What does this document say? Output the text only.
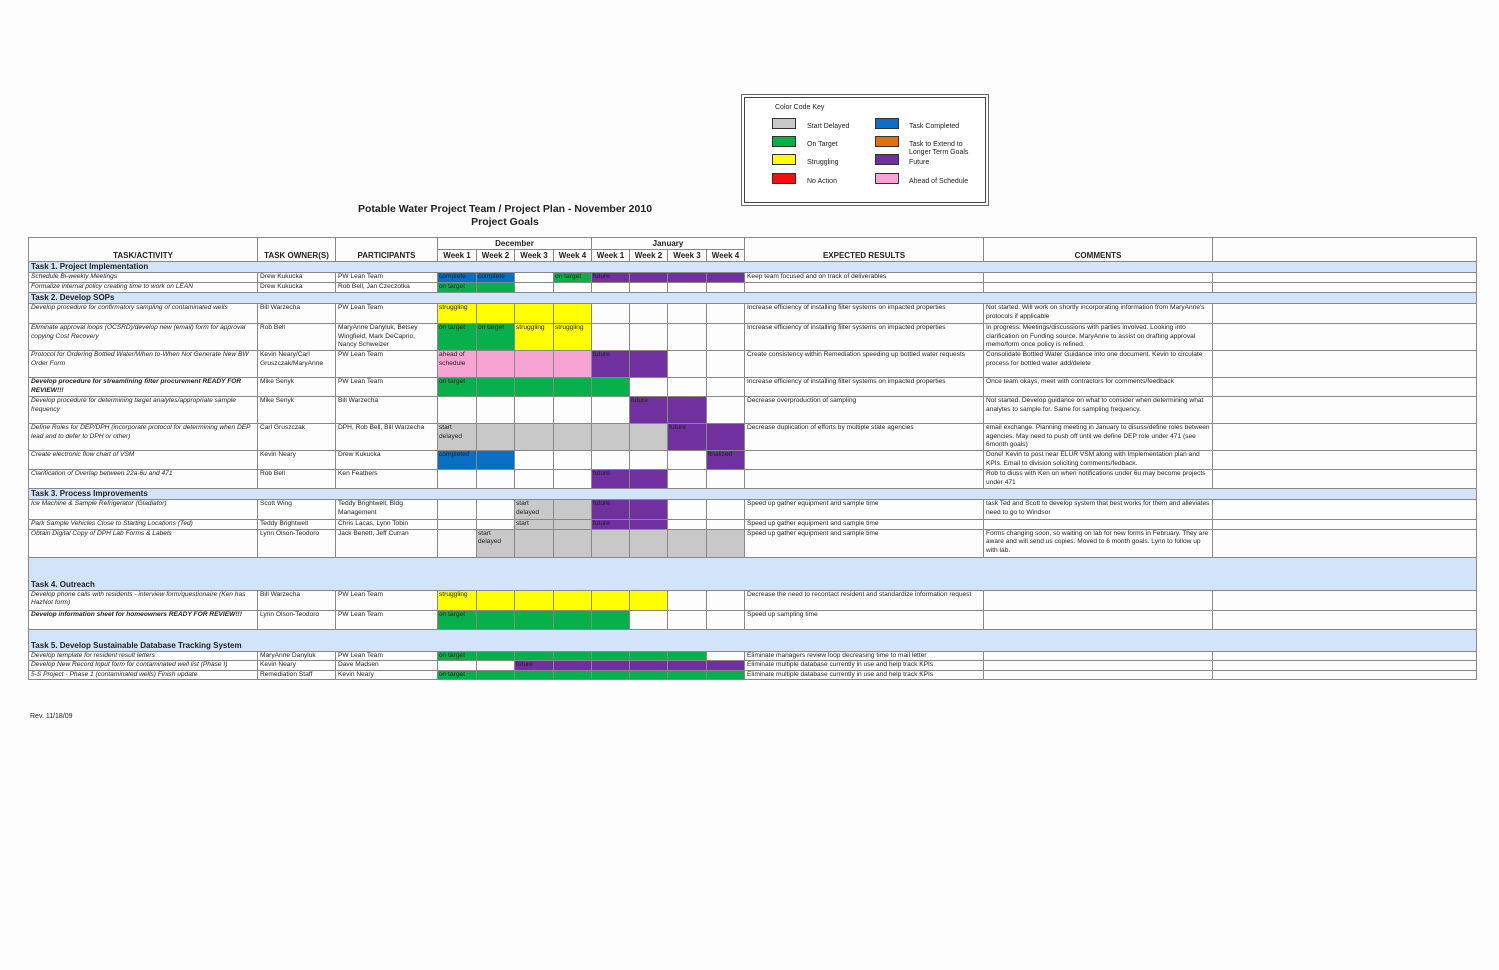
Color Code Key
Start Delayed
On Target
Struggling
No Action
Task Completed
Task to Extend to Longer Term Goals
Future
Ahead of Schedule
Potable Water Project Team / Project Plan - November 2010
Project Goals
TASK/ACTIVITY	TASK OWNER(S)	PARTICIPANTS	December				January				EXPECTED RESULTS	COMMENTS	
			Week 1	Week 2	Week 3	Week 4	Week 1	Week 2	Week 3	Week 4			

Task 1. Project Implementation													

Schedule Bi-weekly Meetings	Drew Kukucka	PW Lean Team	complete	complete		on target	future				Keep team focused and on track of deliverables		
Formalize internal policy creating time to work on LEAN	Drew Kukucka	Rob Bell, Jan Czeczotka	on target										

Task 2. Develop SOPs													

Develop procedure for confirmatory sampling of contaminated wells	Bill Warzecha	PW Lean Team	struggling								Increase efficiency of installing filter systems on impacted properties	Not started. Will work on shortly incorporating information from MaryAnne's protocols if applicable	
Eliminate approval loops (OCSRD)/develop new (email) form for approval copying Cost Recovery	Rob Bell	MaryAnne Danyluk, Betsey Wingfield, Mark DeCaprio, Nancy Schweizer	on target	on target	struggling	struggling					Increase efficiency of installing filter systems on impacted properties	In progress. Meetings/discussions with parties involved. Looking into clarification on Funding source. MaryAnne to assist on drafting approval memo/form once policy is refined.	
Protocol for Ordering Bottled Water/When to-When Not Generate New BW Order Form	Kevin Neary/Carl Gruszczak/MaryAnne	PW Lean Team	ahead of schedule				future				Create consistency within Remediation speeding up bottled water requests	Consolidate Bottled Water Guidance into one document. Kevin to circulate process for bottled water add/delete	
Develop procedure for streamlining filter procurement READY FOR REVIEW!!!	Mike Senyk	PW Lean Team	on target								Increase efficiency of installing filter systems on impacted properties	Once team okays, meet with contractors for comments/feedback	
Develop procedure for determining target analytes/appropriate sample frequency	Mike Senyk	Bill Warzecha						future			Decrease overproduction of sampling	Not started. Develop guidance on what to consider when determining what analytes to sample for. Same for sampling frequency.	
Define Roles for DEP/DPH (incorporate protocol for determining when DEP lead and to defer to DPH or other)	Carl Gruszczak	DPH, Rob Bell, Bill Warzecha	start delayed						future		Decrease duplication of efforts by multiple state agencies	email exchange. Planning meeting in January to disuss/define roles between agencies. May need to push off until we define DEP role under 471 (see 6month goals)	
Create electronic flow chart of VSM	Kevin Neary	Drew Kukucka	completed							finalized		Done! Kevin to post near ELUR VSM along with Implementation plan and KPIs. Email to division soliciting comments/fedback.	
Clarification of Overlap between 22a-6u and 471	Rob Bell	Ken Feathers					future					Rob to diuss with Ken on when notifications under 6u may become projects under 471	

Task 3. Process Improvements													

Ice Machine & Sample Refrigerator (Gladiator)	Scott Wing	Teddy Brightwell, Bldg Management			start delayed		future				Speed up gather equipment and sample time	task Ted and Scott to develop system that best works for them and alleviates need to go to Windsor	
Park Sample Vehicles Close to Starting Locations (Ted)	Teddy Brightwell	Chris Lacas, Lynn Tobin			start		future				Speed up gather equipment and sample time		
Obtain Digital Copy of DPH Lab Forms & Labels	Lynn Olson-Teodoro	Jack Benett, Jeff Curran		start delayed							Speed up gather equipment and sample time	Forms changing soon, so waiting on lab for new forms in February. They are aware and will send us copies. Moved to 6 month goals. Lynn to follow up with lab.	

Task 4. Outreach													

Develop phone calls with residents - interview form/questionaire (Ken has HazNot form)	Bill Warzecha	PW Lean Team	struggling								Decrease the need to recontact resident and standardize information request		
Develop information sheet for homeowners READY FOR REVIEW!!!	Lynn Olson-Teodoro	PW Lean Team	on target								Speed up sampling time		

Task 5. Develop Sustainable Database Tracking System													

Develop template for resident result letters	MaryAnne Danyluk	PW Lean Team	on target								Eliminate managers review loop decreasing time to mail letter		
Develop New Record Input form for contaminated well list (Phase I)	Kevin Neary	Dave Madsen			future						Eliminate multiple database currently in use and help track KPIs		
5-S Project - Phase 1 (contaminated wells) Finish update	Remediation Staff	Kevin Neary	on target								Eliminate multiple database currently in use and help track KPIs		
Rev. 11/18/09
